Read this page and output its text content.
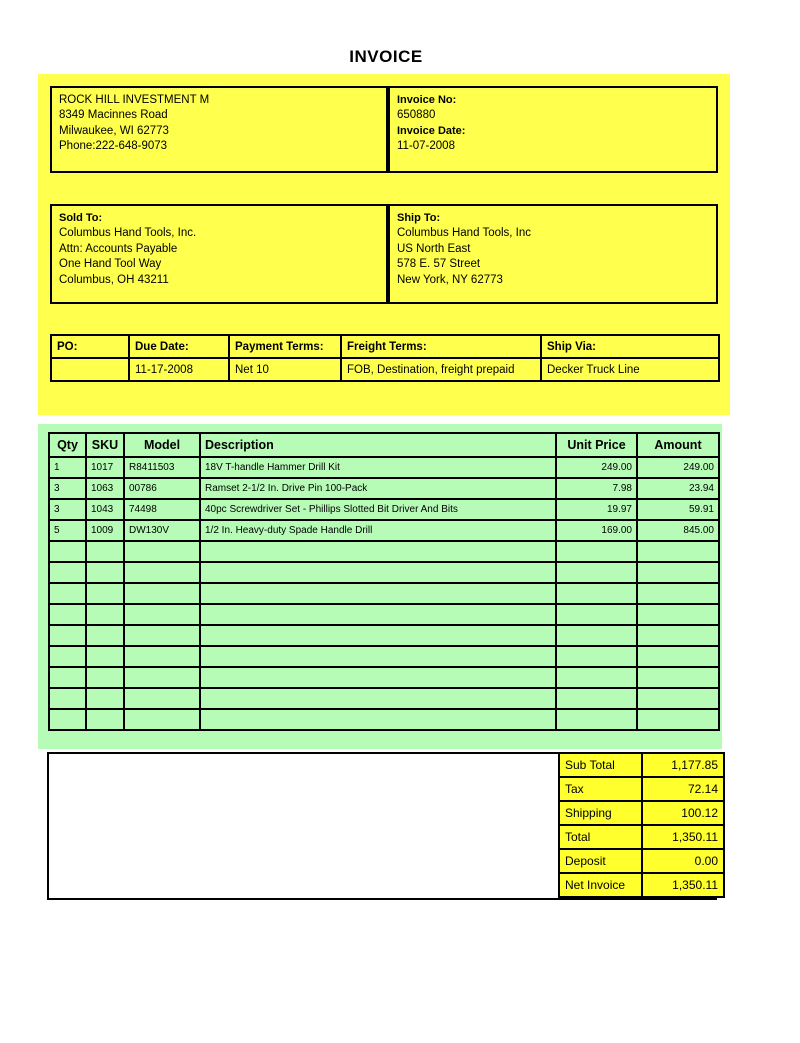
INVOICE
ROCK HILL INVESTMENT M
8349 Macinnes Road
Milwaukee, WI 62773
Phone:222-648-9073
Invoice No:
650880
Invoice Date:
11-07-2008
Sold To:
Columbus Hand Tools, Inc.
Attn: Accounts Payable
One Hand Tool Way
Columbus, OH 43211
Ship To:
Columbus Hand Tools, Inc
US North East
578 E. 57 Street
New York, NY 62773
PO:	Due Date:	Payment Terms:	Freight Terms:	Ship Via:
	11-17-2008	Net 10	FOB, Destination, freight prepaid	Decker Truck Line
Qty	SKU	Model	Description	Unit Price	Amount
1	1017	R8411503	18V T-handle Hammer Drill Kit	249.00	249.00
3	1063	00786	Ramset 2-1/2 In. Drive Pin 100-Pack	7.98	23.94
3	1043	74498	40pc Screwdriver Set - Phillips Slotted Bit Driver And Bits	19.97	59.91
5	1009	DW130V	1/2 In. Heavy-duty Spade Handle Drill	169.00	845.00

Sub Total	1,177.85
Tax	72.14
Shipping	100.12
Total	1,350.11
Deposit	0.00
Net Invoice	1,350.11
